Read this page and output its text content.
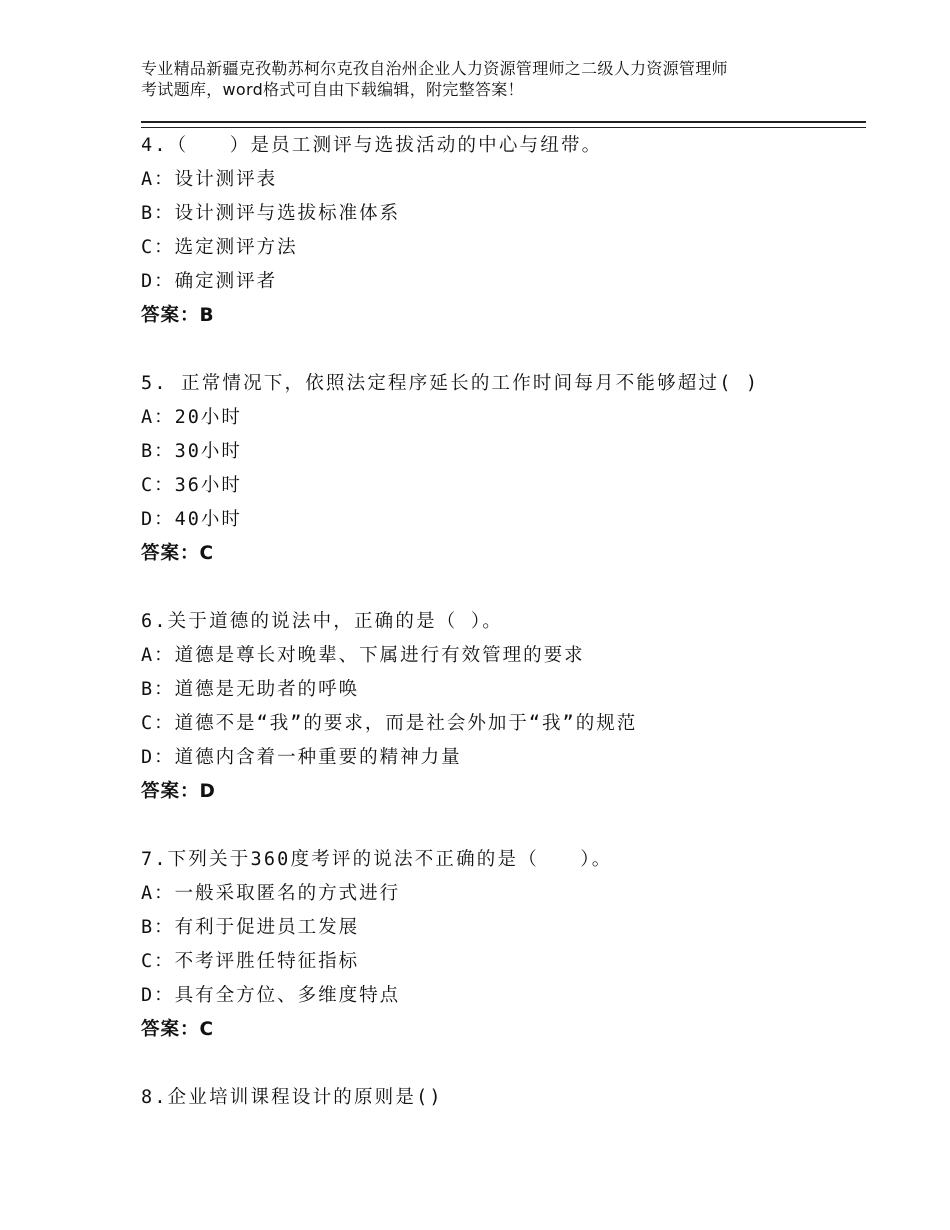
专业精品新疆克孜勒苏柯尔克孜自治州企业人力资源管理师之二级人力资源管理师
考试题库，word格式可自由下载编辑，附完整答案！
4.（　　）是员工测评与选拔活动的中心与纽带。
A：设计测评表
B：设计测评与选拔标准体系
C：选定测评方法
D：确定测评者
答案：B
5. 正常情况下，依照法定程序延长的工作时间每月不能够超过( )
A：20小时
B：30小时
C：36小时
D：40小时
答案：C
6.关于道德的说法中，正确的是（ ）。
A：道德是尊长对晚辈、下属进行有效管理的要求
B：道德是无助者的呼唤
C：道德不是“我”的要求，而是社会外加于“我”的规范
D：道德内含着一种重要的精神力量
答案：D
7.下列关于360度考评的说法不正确的是（　　）。
A：一般采取匿名的方式进行
B：有利于促进员工发展
C：不考评胜任特征指标
D：具有全方位、多维度特点
答案：C
8.企业培训课程设计的原则是()
